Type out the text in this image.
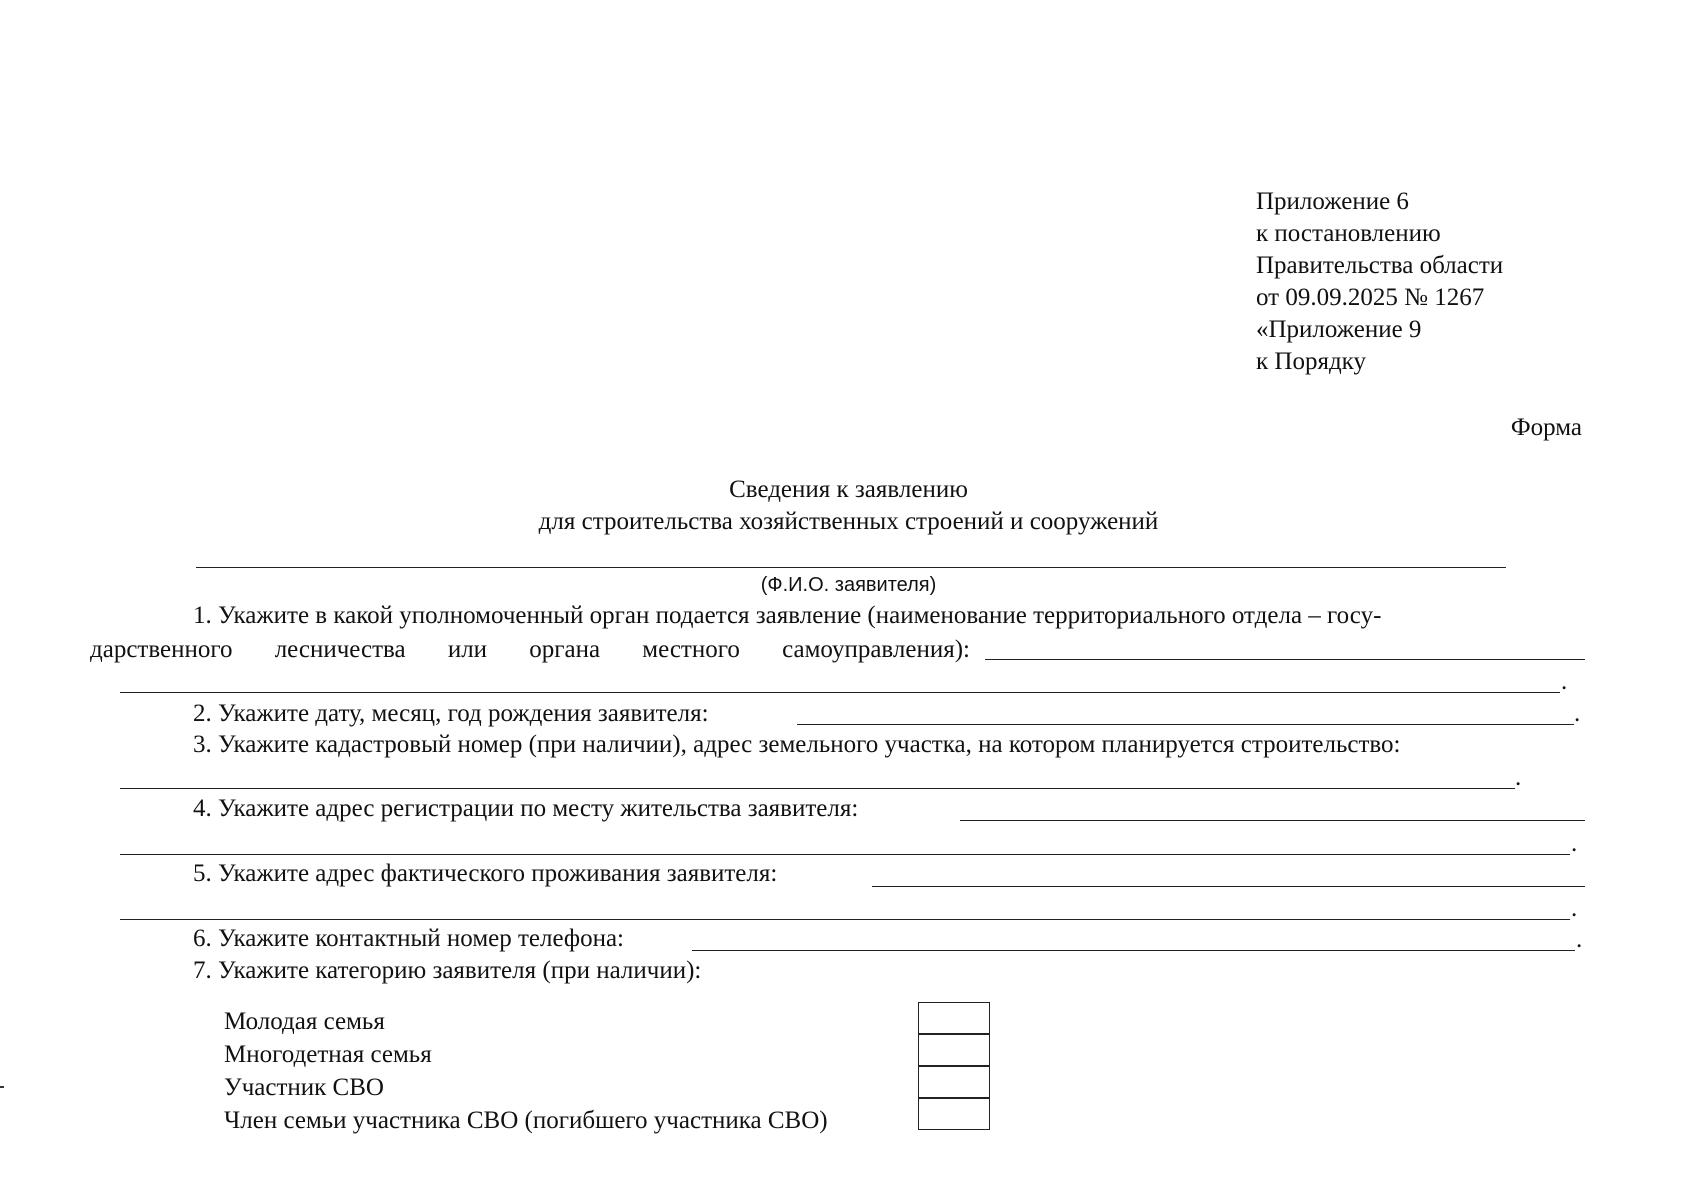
Приложение 6
к постановлению
Правительства области
от 09.09.2025 № 1267
«Приложение 9
к Порядку
Форма
Сведения к заявлению
для строительства хозяйственных строений и сооружений
(Ф.И.О. заявителя)
1. Укажите в какой уполномоченный орган подается заявление (наименование территориального отдела – госу-
дарственного лесничества или органа местного самоуправления):
.
2. Укажите дату, месяц, год рождения заявителя:	.
3. Укажите кадастровый номер (при наличии), адрес земельного участка, на котором планируется строительство:
.
4. Укажите адрес регистрации по месту жительства заявителя:
.
5. Укажите адрес фактического проживания заявителя:
.
6. Укажите контактный номер телефона:	.
7. Укажите категорию заявителя (при наличии):
Молодая семья
Многодетная семья
Участник СВО
Член семьи участника СВО (погибшего участника СВО)
